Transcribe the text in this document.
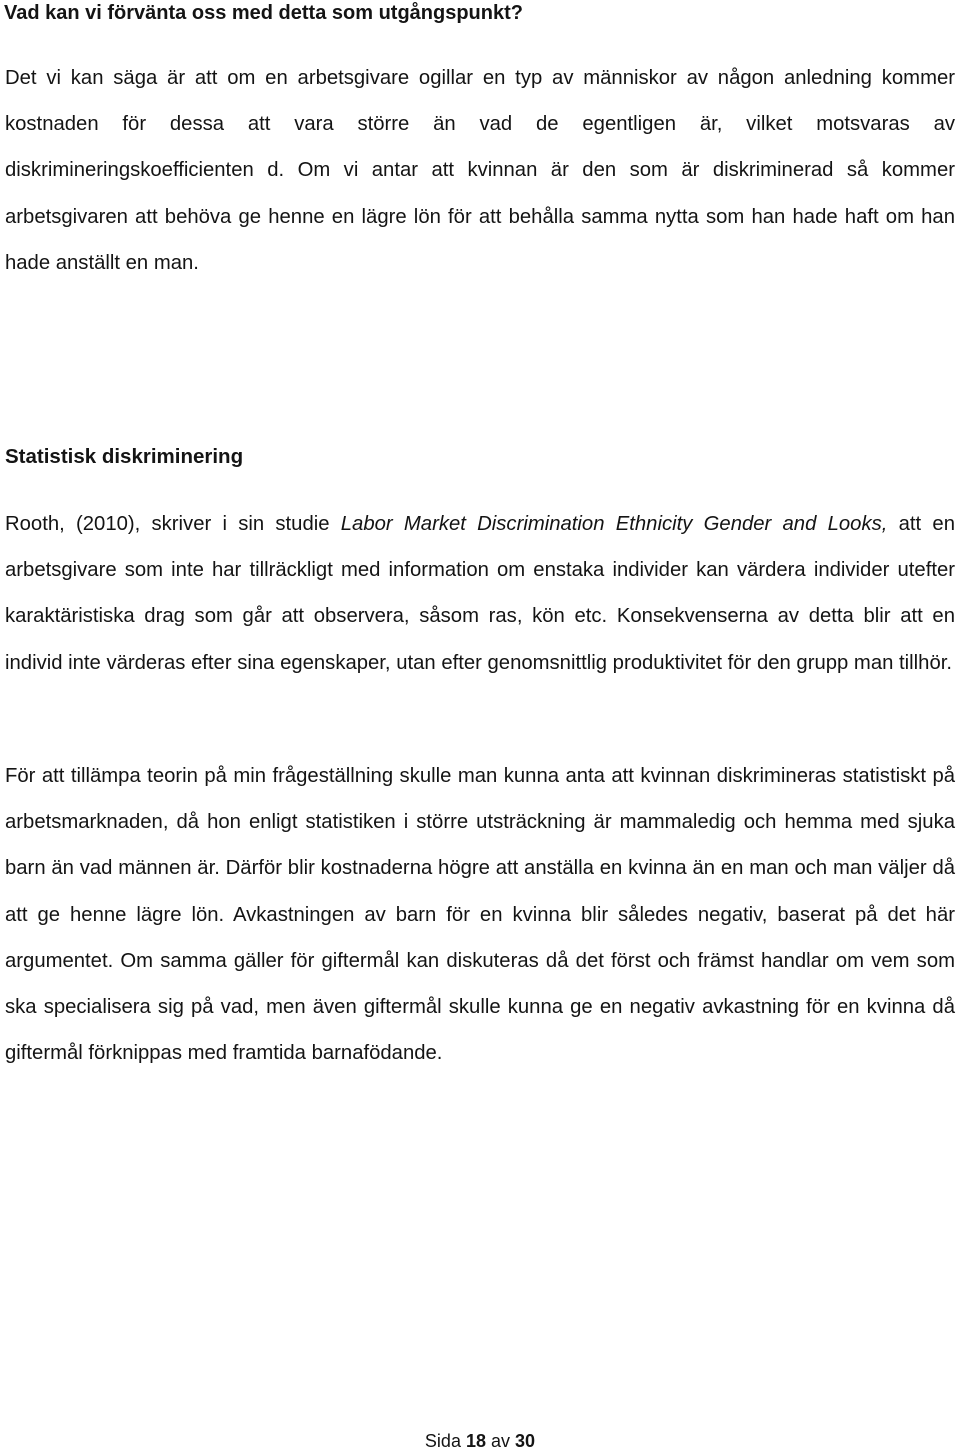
Vad kan vi förvänta oss med detta som utgångspunkt?

Det vi kan säga är att om en arbetsgivare ogillar en typ av människor av någon anledning kommer kostnaden för dessa att vara större än vad de egentligen är, vilket motsvaras av diskrimineringskoefficienten d. Om vi antar att kvinnan är den som är diskriminerad så kommer arbetsgivaren att behöva ge henne en lägre lön för att behålla samma nytta som han hade haft om han hade anställt en man.

Statistisk diskriminering

Rooth, (2010), skriver i sin studie Labor Market Discrimination Ethnicity Gender and Looks, att en arbetsgivare som inte har tillräckligt med information om enstaka individer kan värdera individer utefter karaktäristiska drag som går att observera, såsom ras, kön etc. Konsekvenserna av detta blir att en individ inte värderas efter sina egenskaper, utan efter genomsnittlig produktivitet för den grupp man tillhör.

För att tillämpa teorin på min frågeställning skulle man kunna anta att kvinnan diskrimineras statistiskt på arbetsmarknaden, då hon enligt statistiken i större utsträckning är mammaledig och hemma med sjuka barn än vad männen är. Därför blir kostnaderna högre att anställa en kvinna än en man och man väljer då att ge henne lägre lön. Avkastningen av barn för en kvinna blir således negativ, baserat på det här argumentet. Om samma gäller för giftermål kan diskuteras då det först och främst handlar om vem som ska specialisera sig på vad, men även giftermål skulle kunna ge en negativ avkastning för en kvinna då giftermål förknippas med framtida barnafödande.

Sida 18 av 30
